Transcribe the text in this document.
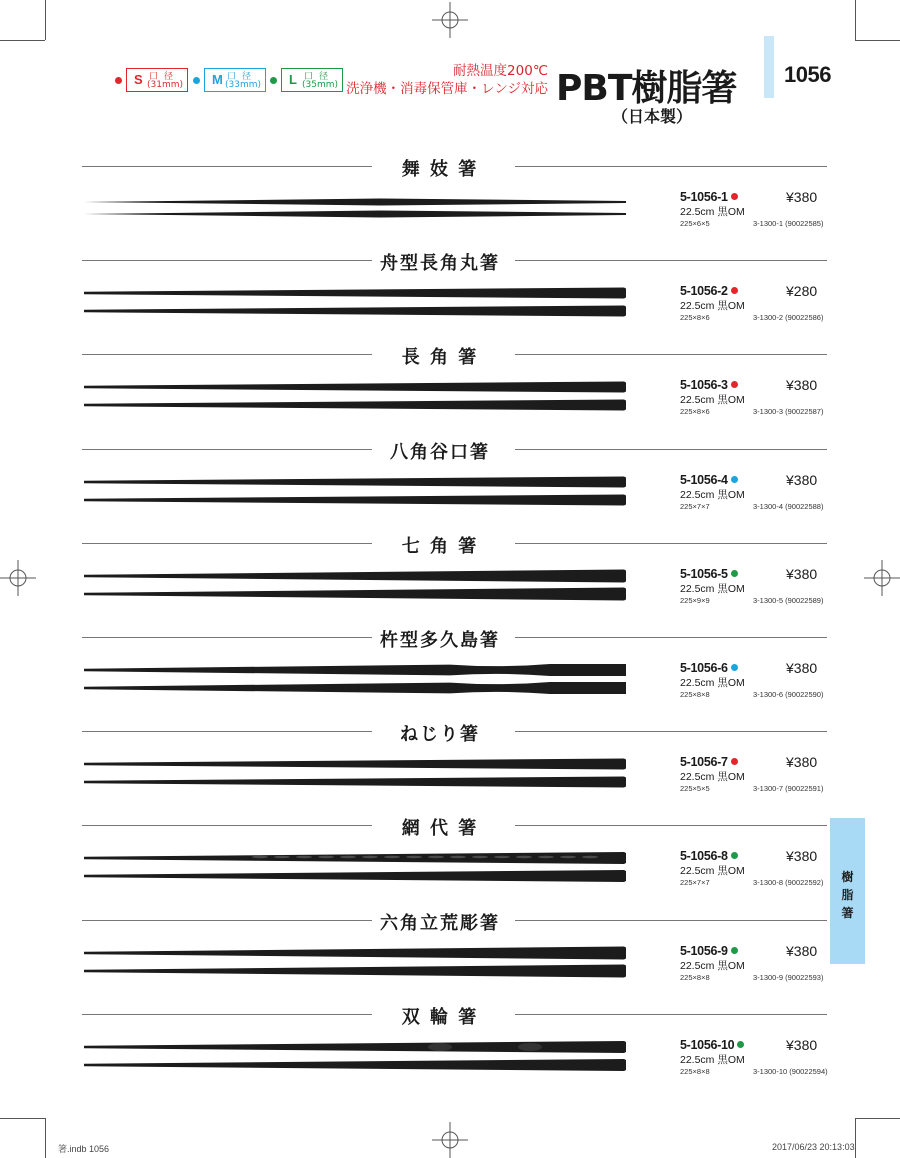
S 口径
(31mm) M 口径
(33mm) L 口径
(35mm)
耐熱温度200℃
洗浄機・消毒保管庫・レンジ対応 PBT樹脂箸
（日本製）
1056
舞 妓 箸
5-1056-1	¥380
22.5cm 黒OM
225×6×5	3-1300-1 (90022585)
舟型長角丸箸
5-1056-2	¥280
22.5cm 黒OM
225×8×6	3-1300-2 (90022586)
長 角 箸
5-1056-3	¥380
22.5cm 黒OM
225×8×6	3-1300-3 (90022587)
八角谷口箸
5-1056-4	¥380
22.5cm 黒OM
225×7×7	3-1300-4 (90022588)
七 角 箸
5-1056-5	¥380
22.5cm 黒OM
225×9×9	3-1300-5 (90022589)
杵型多久島箸
5-1056-6	¥380
22.5cm 黒OM
225×8×8	3-1300-6 (90022590)
ねじり箸
5-1056-7	¥380
22.5cm 黒OM
225×5×5	3-1300-7 (90022591)
網 代 箸
5-1056-8	¥380
22.5cm 黒OM
225×7×7	3-1300-8 (90022592)
六角立荒彫箸
5-1056-9	¥380
22.5cm 黒OM
225×8×8	3-1300-9 (90022593)
双 輪 箸
5-1056-10	¥380
22.5cm 黒OM
225×8×8	3-1300-10 (90022594)
樹
脂
箸
箸.indb 1056	2017/06/23 20:13:03
